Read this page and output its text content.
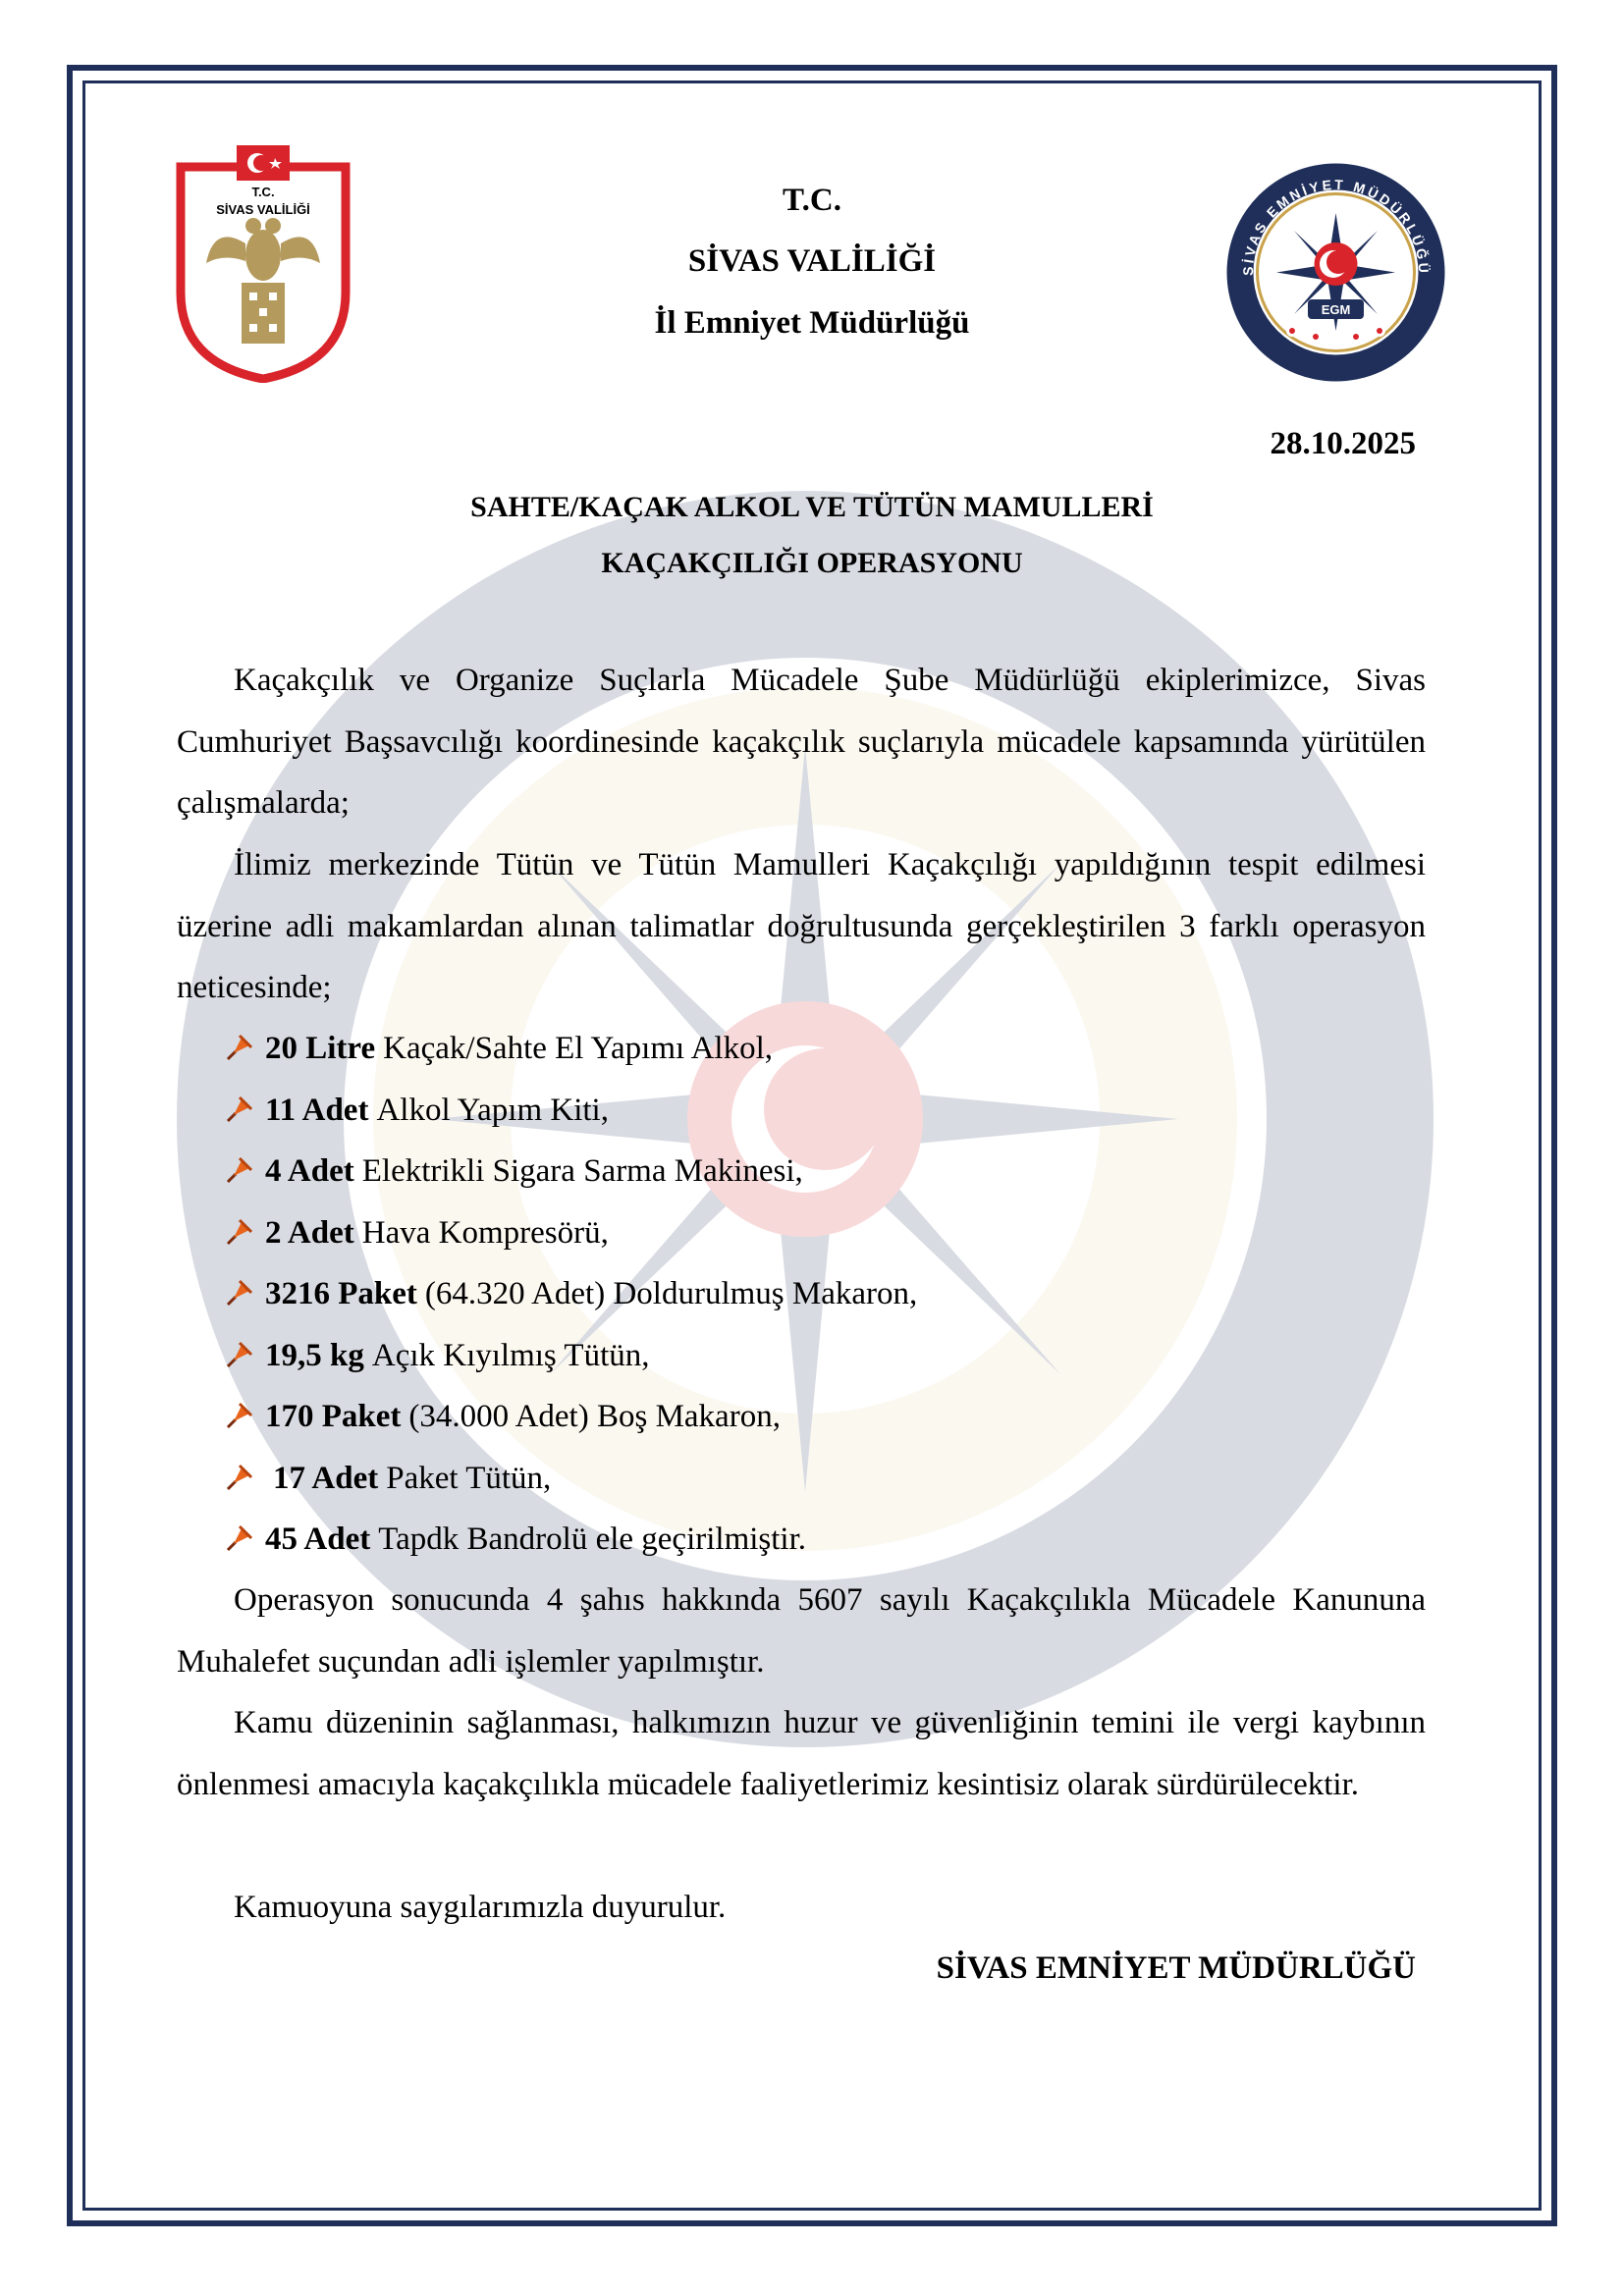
T.C.
SİVAS VALİLİĞİ
EGM
SİVAS EMNİYET MÜDÜRLÜĞÜ
T.C.
SİVAS VALİLİĞİ
İl Emniyet Müdürlüğü
28.10.2025
SAHTE/KAÇAK ALKOL VE TÜTÜN MAMULLERİ
KAÇAKÇILIĞI OPERASYONU

Kaçakçılık ve Organize Suçlarla Mücadele Şube Müdürlüğü ekiplerimizce, Sivas Cumhuriyet Başsavcılığı koordinesinde kaçakçılık suçlarıyla mücadele kapsamında yürütülen çalışmalarda;

İlimiz merkezinde Tütün ve Tütün Mamulleri Kaçakçılığı yapıldığının tespit edilmesi üzerine adli makamlardan alınan talimatlar doğrultusunda gerçekleştirilen 3 farklı operasyon neticesinde;

20 Litre Kaçak/Sahte El Yapımı Alkol,
11 Adet Alkol Yapım Kiti,
4 Adet Elektrikli Sigara Sarma Makinesi,
2 Adet Hava Kompresörü,
3216 Paket (64.320 Adet) Doldurulmuş Makaron,
19,5 kg Açık Kıyılmış Tütün,
170 Paket (34.000 Adet) Boş Makaron,
17 Adet Paket Tütün,
45 Adet Tapdk Bandrolü ele geçirilmiştir.

Operasyon sonucunda 4 şahıs hakkında 5607 sayılı Kaçakçılıkla Mücadele Kanununa Muhalefet suçundan adli işlemler yapılmıştır.

Kamu düzeninin sağlanması, halkımızın huzur ve güvenliğinin temini ile vergi kaybının önlenmesi amacıyla kaçakçılıkla mücadele faaliyetlerimiz kesintisiz olarak sürdürülecektir.

Kamuoyuna saygılarımızla duyurulur.

SİVAS EMNİYET MÜDÜRLÜĞÜ
